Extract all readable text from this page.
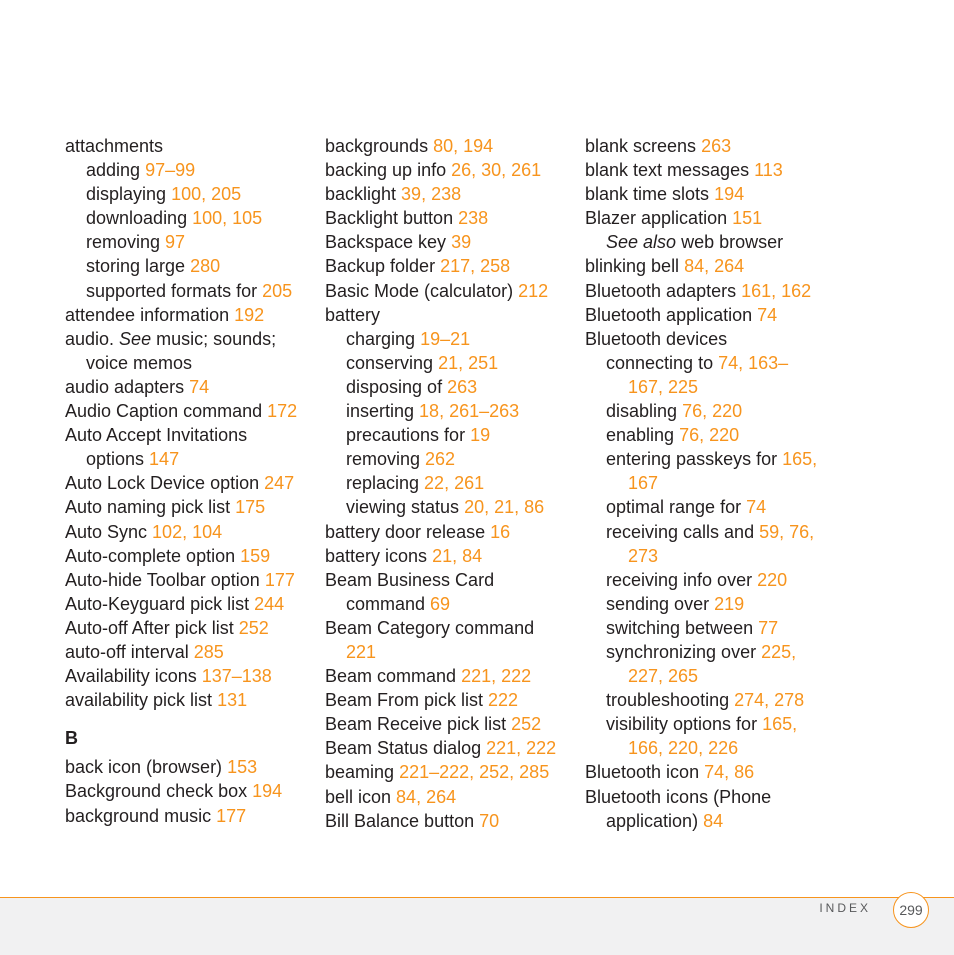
attachments
adding 97–99
displaying 100, 205
downloading 100, 105
removing 97
storing large 280
supported formats for 205
attendee information 192
audio. See music; sounds;
voice memos
audio adapters 74
Audio Caption command 172
Auto Accept Invitations
options 147
Auto Lock Device option 247
Auto naming pick list 175
Auto Sync 102, 104
Auto-complete option 159
Auto-hide Toolbar option 177
Auto-Keyguard pick list 244
Auto-off After pick list 252
auto-off interval 285
Availability icons 137–138
availability pick list 131
B
back icon (browser) 153
Background check box 194
background music 177
backgrounds 80, 194
backing up info 26, 30, 261
backlight 39, 238
Backlight button 238
Backspace key 39
Backup folder 217, 258
Basic Mode (calculator) 212
battery
charging 19–21
conserving 21, 251
disposing of 263
inserting 18, 261–263
precautions for 19
removing 262
replacing 22, 261
viewing status 20, 21, 86
battery door release 16
battery icons 21, 84
Beam Business Card
command 69
Beam Category command
221
Beam command 221, 222
Beam From pick list 222
Beam Receive pick list 252
Beam Status dialog 221, 222
beaming 221–222, 252, 285
bell icon 84, 264
Bill Balance button 70
blank screens 263
blank text messages 113
blank time slots 194
Blazer application 151
See also web browser
blinking bell 84, 264
Bluetooth adapters 161, 162
Bluetooth application 74
Bluetooth devices
connecting to 74, 163–
167, 225
disabling 76, 220
enabling 76, 220
entering passkeys for 165,
167
optimal range for 74
receiving calls and 59, 76,
273
receiving info over 220
sending over 219
switching between 77
synchronizing over 225,
227, 265
troubleshooting 274, 278
visibility options for 165,
166, 220, 226
Bluetooth icon 74, 86
Bluetooth icons (Phone
application) 84
INDEX	299
